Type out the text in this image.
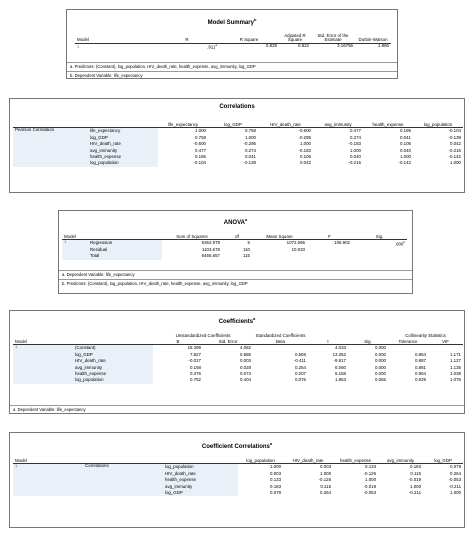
Model Summary$^b$
Model	R	R Square	Adjusted R Square	Std. Error of the Estimate	Durbin-Watson
1	.911$^a$	0.829	0.822	3.16756	1.866
a. Predictors: (Constant), log_population, HIV_death_rate, health_expense, avg_immunity, log_GDP
b. Dependent Variable: life_expectancy
Correlations
		life_expectancy	log_GDP	HIV_death_rate	avg_immunity	health_expense	log_population
Pearson Correlation	life_expectancy	1.000	0.758	-0.600	0.477	0.186	-0.104
	log_GDP	0.758	1.000	-0.295	0.274	0.041	-0.139
	HIV_death_rate	-0.600	-0.295	1.000	-0.183	0.106	0.042
	avg_immunity	0.477	0.274	-0.183	1.000	0.040	-0.216
	health_expense	0.186	0.041	0.106	0.040	1.000	-0.142
	log_population	-0.104	-0.139	0.042	-0.216	-0.142	1.000
ANOVA$^a$
Model		Sum of Squares	df	Mean Square	F	Sig.
1	Regression	5362.979	5	1072.596	106.902	.000$^b$
	Residual	1103.678	110	10.033		
	Total	6466.657	115			
a. Dependent Variable: life_expectancy
b. Predictors: (Constant), log_population, HIV_death_rate, health_expense, avg_immunity, log_GDP
Coefficients$^a$
		Unstandardized Coefficients		Standardized Coefficients			Collinearity Statistics	
Model		B	Std. Error	Beta	t	Sig.	Tolerance	VIF
1	(Constant)	18.399	4.082		4.033	0.000		
	log_GDP	7.827	0.586	0.569	13.352	0.000	0.854	1.171
	HIV_death_rate	-0.027	0.003	-0.411	-9.817	0.000	0.887	1.127
	avg_immunity	0.168	0.028	0.254	6.060	0.000	0.881	1.135
	health_expense	0.376	0.073	0.207	5.158	0.000	0.964	1.038
	log_population	0.752	0.404	0.076	1.863	0.065	0.929	1.076
a. Dependent Variable: life_expectancy
Coefficient Correlations$^a$
Model			log_population	HIV_death_rate	health_expense	avg_immunity	log_GDP
1	Correlations	log_population	1.000	0.003	0.133	0.183	0.079
		HIV_death_rate	0.003	1.000	-0.126	0.115	0.264
		health_expense	0.133	-0.126	1.000	-0.019	-0.053
		avg_immunity	0.183	0.115	-0.019	1.000	-0.211
		log_GDP	0.079	0.264	-0.053	-0.211	1.000
